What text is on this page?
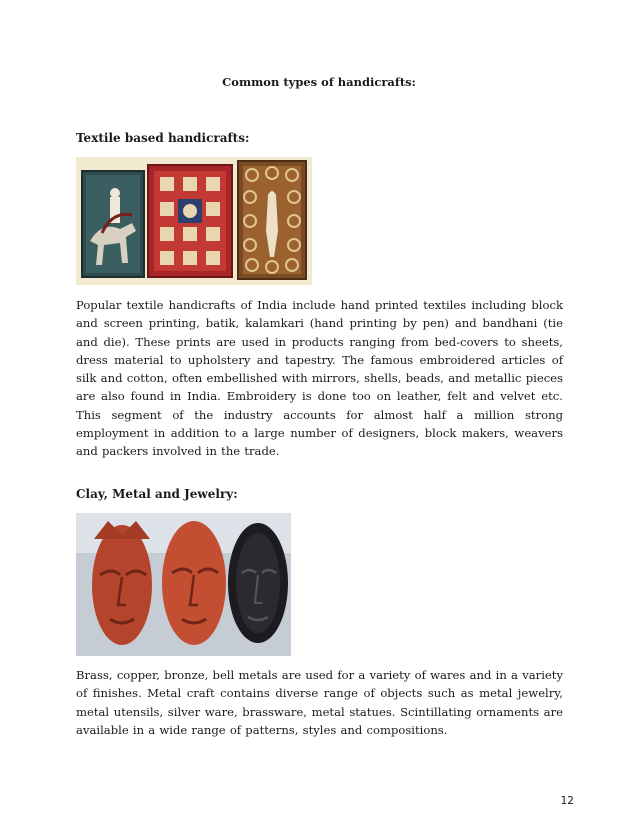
Common types of handicrafts:
Textile based handicrafts:
Popular textile handicrafts of India include hand printed textiles including block and screen printing, batik, kalamkari (hand printing by pen) and bandhani (tie and die). These prints are used in products ranging from bed-covers to sheets, dress material to upholstery and tapestry. The famous embroidered articles of silk and cotton, often embellished with mirrors, shells, beads, and metallic pieces are also found in India. Embroidery is done too on leather, felt and velvet etc. This segment of the industry accounts for almost half a million strong employment in addition to a large number of designers, block makers, weavers and packers involved in the trade.
Clay, Metal and Jewelry:
Brass, copper, bronze, bell metals are used for a variety of wares and in a variety of finishes. Metal craft contains diverse range of objects such as metal jewelry, metal utensils, silver ware, brassware, metal statues. Scintillating ornaments are available in a wide range of patterns, styles and compositions.
12
